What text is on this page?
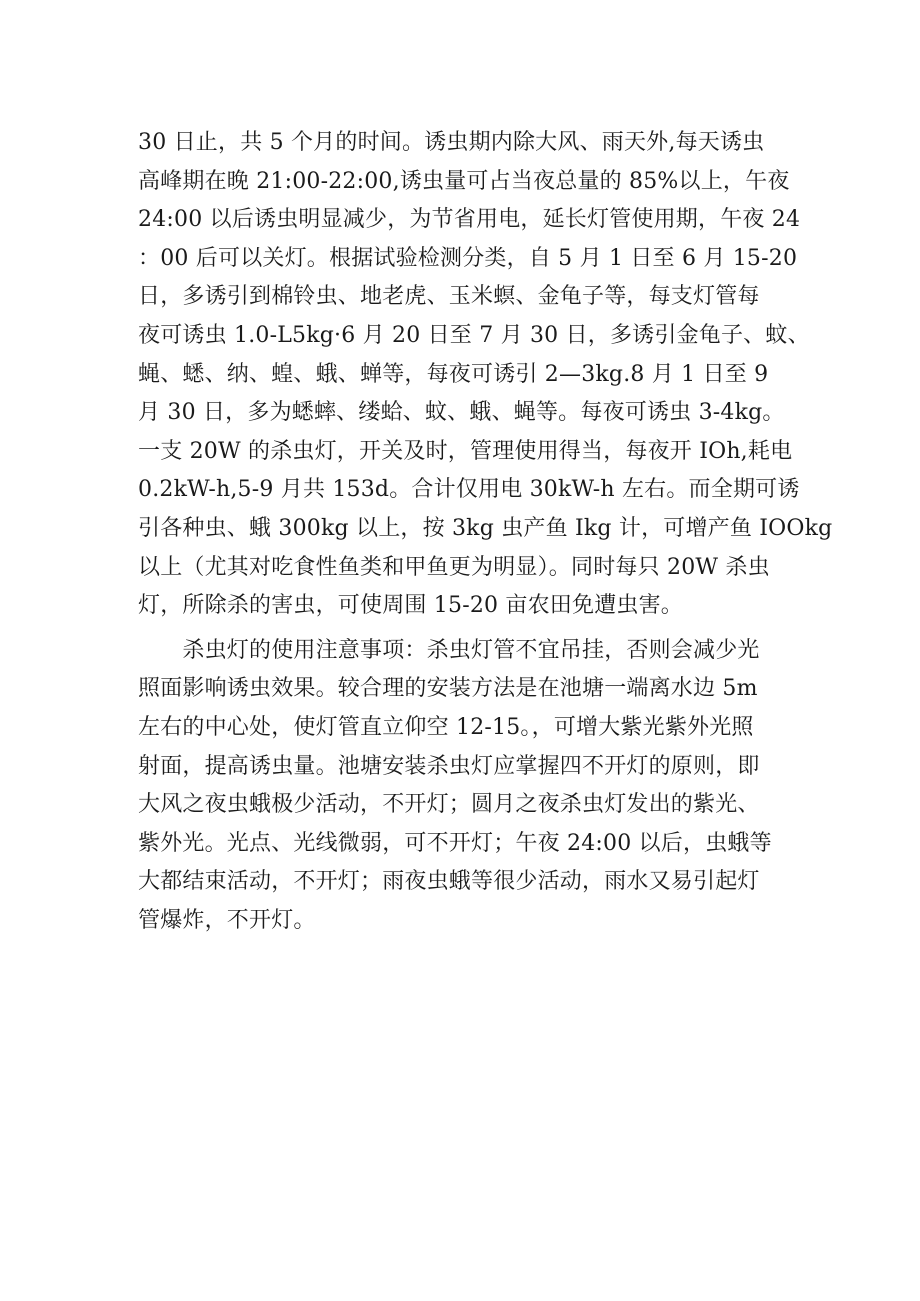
30 日止，共 5 个月的时间。诱虫期内除大风、雨天外,每天诱虫
高峰期在晚 21:00-22:00,诱虫量可占当夜总量的 85%以上，午夜
24:00 以后诱虫明显减少，为节省用电，延长灯管使用期，午夜 24
：00 后可以关灯。根据试验检测分类，自 5 月 1 日至 6 月 15-20
日，多诱引到棉铃虫、地老虎、玉米螟、金龟子等，每支灯管每
夜可诱虫 1.0-L5kg·6 月 20 日至 7 月 30 日，多诱引金龟子、蚊、
蝇、蟋、纳、蝗、蛾、蝉等，每夜可诱引 2—3kg.8 月 1 日至 9
月 30 日，多为蟋蟀、缕蛤、蚊、蛾、蝇等。每夜可诱虫 3-4kg。
一支 20W 的杀虫灯，开关及时，管理使用得当，每夜开 IOh,耗电
0.2kW-h,5-9 月共 153d。合计仅用电 30kW-h 左右。而全期可诱
引各种虫、蛾 300kg 以上，按 3kg 虫产鱼 Ikg 计，可增产鱼 IOOkg
以上（尤其对吃食性鱼类和甲鱼更为明显）。同时每只 20W 杀虫
灯，所除杀的害虫，可使周围 15-20 亩农田免遭虫害。
　　杀虫灯的使用注意事项：杀虫灯管不宜吊挂，否则会减少光
照面影响诱虫效果。较合理的安装方法是在池塘一端离水边 5m
左右的中心处，使灯管直立仰空 12-15。，可增大紫光紫外光照
射面，提高诱虫量。池塘安装杀虫灯应掌握四不开灯的原则，即
大风之夜虫蛾极少活动，不开灯；圆月之夜杀虫灯发出的紫光、
紫外光。光点、光线微弱，可不开灯；午夜 24:00 以后，虫蛾等
大都结束活动，不开灯；雨夜虫蛾等很少活动，雨水又易引起灯
管爆炸，不开灯。
